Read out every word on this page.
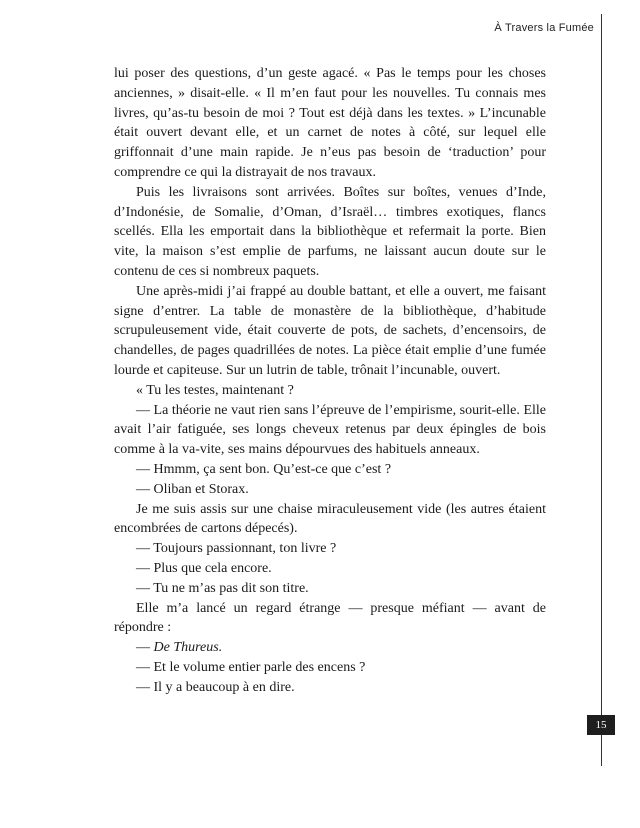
À Travers la Fumée

lui poser des questions, d’un geste agacé. « Pas le temps pour les choses anciennes, » disait-elle. « Il m’en faut pour les nouvelles. Tu connais mes livres, qu’as-tu besoin de moi ? Tout est déjà dans les textes. » L’incunable était ouvert devant elle, et un carnet de notes à côté, sur lequel elle griffonnait d’une main rapide. Je n’eus pas besoin de ‘traduction’ pour comprendre ce qui la distrayait de nos travaux.

Puis les livraisons sont arrivées. Boîtes sur boîtes, venues d’Inde, d’Indonésie, de Somalie, d’Oman, d’Israël… timbres exotiques, flancs scellés. Ella les emportait dans la bibliothèque et refermait la porte. Bien vite, la maison s’est emplie de parfums, ne laissant aucun doute sur le contenu de ces si nombreux paquets.

Une après-midi j’ai frappé au double battant, et elle a ouvert, me faisant signe d’entrer. La table de monastère de la bibliothèque, d’habitude scrupuleusement vide, était couverte de pots, de sachets, d’encensoirs, de chandelles, de pages quadrillées de notes. La pièce était emplie d’une fumée lourde et capiteuse. Sur un lutrin de table, trônait l’incunable, ouvert.

« Tu les testes, maintenant ?

— La théorie ne vaut rien sans l’épreuve de l’empirisme, sourit-elle. Elle avait l’air fatiguée, ses longs cheveux retenus par deux épingles de bois comme à la va-vite, ses mains dépourvues des habituels anneaux.

— Hmmm, ça sent bon. Qu’est-ce que c’est ?

— Oliban et Storax.

Je me suis assis sur une chaise miraculeusement vide (les autres étaient encombrées de cartons dépecés).

— Toujours passionnant, ton livre ?

— Plus que cela encore.

— Tu ne m’as pas dit son titre.

Elle m’a lancé un regard étrange — presque méfiant — avant de répondre :

— De Thureus.

— Et le volume entier parle des encens ?

— Il y a beaucoup à en dire.

15
